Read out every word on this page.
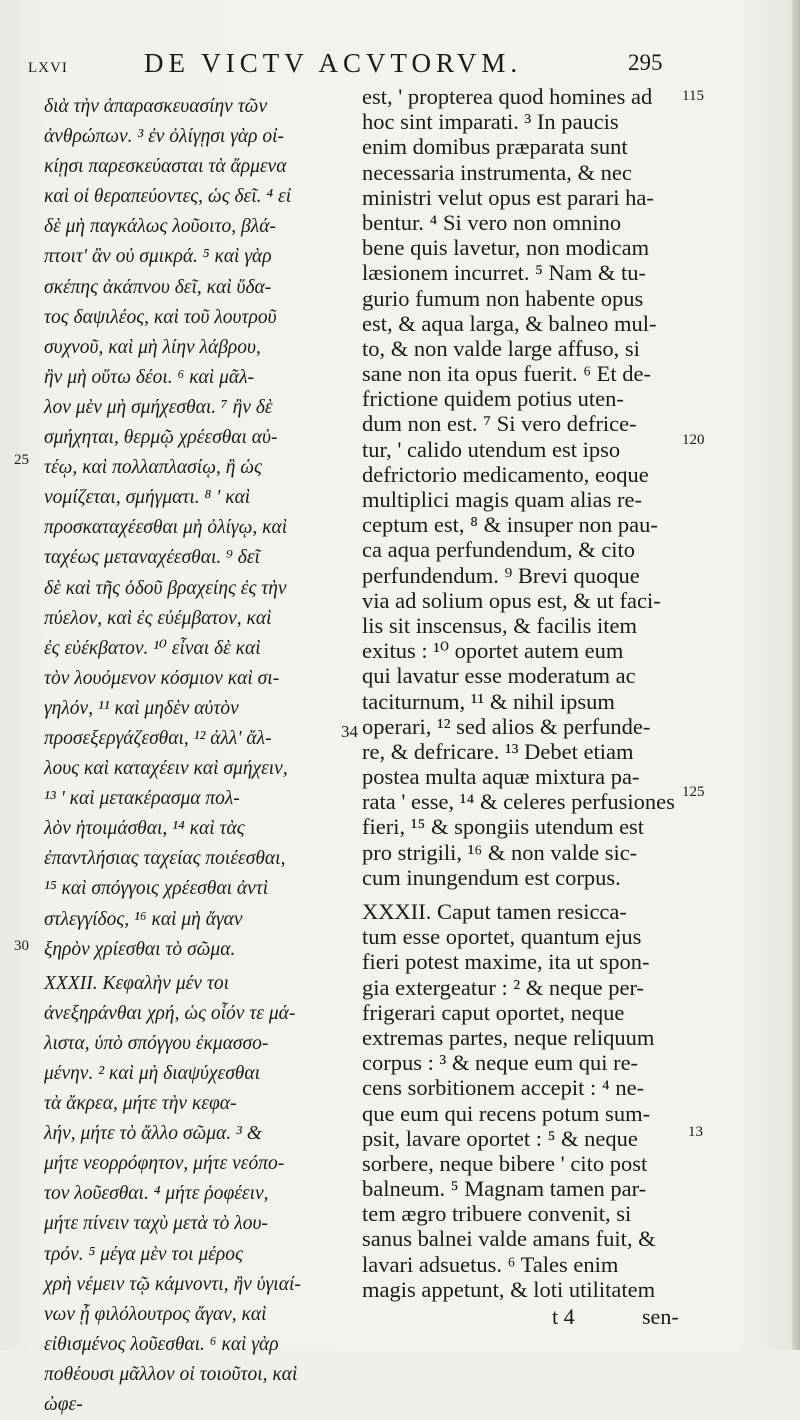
LXVI	DE VICTV ACVTORVM.	295
25
30
34
115
120
125
13
διὰ τὴν ἀπαρασκευασίην τῶν
ἀνθρώπων. ³ ἐν ὀλίγῃσι γὰρ οἰ-
κίῃσι παρεσκεύασται τὰ ἄρμενα
καὶ οἱ θεραπεύοντες, ὡς δεῖ. ⁴ εἰ
δὲ μὴ παγκάλως λοῦοιτο, βλά-
πτοιτ' ἂν οὐ σμικρά. ⁵ καὶ γὰρ
σκέπης ἀκάπνου δεῖ, καὶ ὕδα-
τος δαψιλέος, καὶ τοῦ λουτροῦ
συχνοῦ, καὶ μὴ λίην λάβρου,
ἢν μὴ οὕτω δέοι. ⁶ καὶ μᾶλ-
λον μὲν μὴ σμήχεσθαι. ⁷ ἢν δὲ
σμήχηται, θερμῷ χρέεσθαι αὐ-
τέῳ, καὶ πολλαπλασίῳ, ἢ ὡς
νομίζεται, σμήγματι. ⁸ ' καὶ
προσκαταχέεσθαι μὴ ὀλίγῳ, καὶ
ταχέως μεταναχέεσθαι. ⁹ δεῖ
δὲ καὶ τῆς ὁδοῦ βραχείης ἐς τὴν
πύελον, καὶ ἐς εὐέμβατον, καὶ
ἐς εὐέκβατον. ¹⁰ εἶναι δὲ καὶ
τὸν λουόμενον κόσμιον καὶ σι-
γηλόν, ¹¹ καὶ μηδὲν αὐτὸν
προσεξεργάζεσθαι, ¹² ἀλλ' ἄλ-
λους καὶ καταχέειν καὶ σμήχειν,
¹³ ' καὶ μετακέρασμα πολ-
λὸν ἡτοιμάσθαι, ¹⁴ καὶ τὰς
ἐπαντλήσιας ταχείας ποιέεσθαι,
¹⁵ καὶ σπόγγοις χρέεσθαι ἀντὶ
στλεγγίδος, ¹⁶ καὶ μὴ ἄγαν
ξηρὸν χρίεσθαι τὸ σῶμα.
XXXII. Κεφαλὴν μέν τοι
ἀνεξηράνθαι χρή, ὡς οἷόν τε μά-
λιστα, ὑπὸ σπόγγου ἐκμασσο-
μένην. ² καὶ μὴ διαψύχεσθαι
τὰ ἄκρεα, μήτε τὴν κεφα-
λήν, μήτε τὸ ἄλλο σῶμα. ³ &
μήτε νεορρόφητον, μήτε νεόπο-
τον λοῦεσθαι. ⁴ μήτε ῥοφέειν,
μήτε πίνειν ταχὺ μετὰ τὸ λου-
τρόν. ⁵ μέγα μὲν τοι μέρος
χρὴ νέμειν τῷ κάμνοντι, ἢν ὑγιαί-
νων ᾖ φιλόλουτρος ἄγαν, καὶ
εἰθισμένος λοῦεσθαι. ⁶ καὶ γὰρ
ποθέουσι μᾶλλον οἱ τοιοῦτοι, καὶ
ὠφε-
est, ' propterea quod homines ad
hoc sint imparati. ³ In paucis
enim domibus præparata sunt
necessaria instrumenta, & nec
ministri velut opus est parari ha-
bentur. ⁴ Si vero non omnino
bene quis lavetur, non modicam
læsionem incurret. ⁵ Nam & tu-
gurio fumum non habente opus
est, & aqua larga, & balneo mul-
to, & non valde large affuso, si
sane non ita opus fuerit. ⁶ Et de-
frictione quidem potius uten-
dum non est. ⁷ Si vero defrice-
tur, ' calido utendum est ipso
defrictorio medicamento, eoque
multiplici magis quam alias re-
ceptum est, ⁸ & insuper non pau-
ca aqua perfundendum, & cito
perfundendum. ⁹ Brevi quoque
via ad solium opus est, & ut faci-
lis sit inscensus, & facilis item
exitus : ¹⁰ oportet autem eum
qui lavatur esse moderatum ac
taciturnum, ¹¹ & nihil ipsum
operari, ¹² sed alios & perfunde-
re, & defricare. ¹³ Debet etiam
postea multa aquæ mixtura pa-
rata ' esse, ¹⁴ & celeres perfusiones
fieri, ¹⁵ & spongiis utendum est
pro strigili, ¹⁶ & non valde sic-
cum inungendum est corpus.
XXXII. Caput tamen resicca-
tum esse oportet, quantum ejus
fieri potest maxime, ita ut spon-
gia extergeatur : ² & neque per-
frigerari caput oportet, neque
extremas partes, neque reliquum
corpus : ³ & neque eum qui re-
cens sorbitionem accepit : ⁴ ne-
que eum qui recens potum sum-
psit, lavare oportet : ⁵ & neque
sorbere, neque bibere ' cito post
balneum. ⁵ Magnam tamen par-
tem ægro tribuere convenit, si
sanus balnei valde amans fuit, &
lavari adsuetus. ⁶ Tales enim
magis appetunt, & loti utilitatem
t 4	sen-
